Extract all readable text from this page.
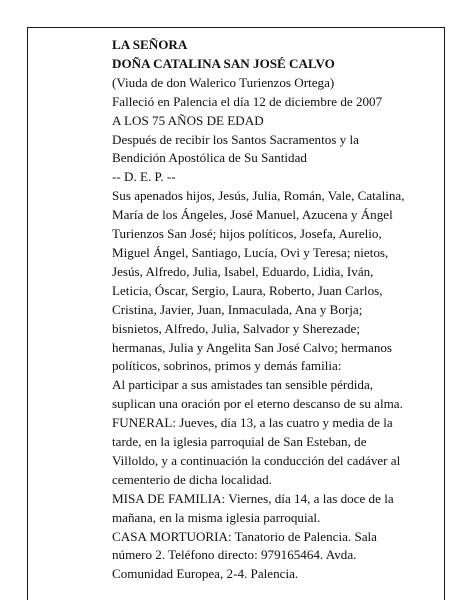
LA SEÑORA
DOÑA CATALINA SAN JOSÉ CALVO
(Viuda de don Walerico Turienzos Ortega)
Falleció en Palencia el día 12 de diciembre de 2007
A LOS 75 AÑOS DE EDAD
Después de recibir los Santos Sacramentos y la
Bendición Apostólica de Su Santidad
-- D. E. P. --
Sus apenados hijos, Jesús, Julia, Román, Vale, Catalina,
María de los Ángeles, José Manuel, Azucena y Ángel
Turienzos San José; hijos políticos, Josefa, Aurelio,
Miguel Ángel, Santiago, Lucía, Ovi y Teresa; nietos,
Jesús, Alfredo, Julia, Isabel, Eduardo, Lidia, Iván,
Leticia, Óscar, Sergio, Laura, Roberto, Juan Carlos,
Cristina, Javier, Juan, Inmaculada, Ana y Borja;
bisnietos, Alfredo, Julia, Salvador y Sherezade;
hermanas, Julia y Angelita San José Calvo; hermanos
políticos, sobrinos, primos y demás familia:
Al participar a sus amistades tan sensible pérdida,
suplican una oración por el eterno descanso de su alma.
FUNERAL: Jueves, día 13, a las cuatro y media de la
tarde, en la iglesia parroquial de San Esteban, de
Villoldo, y a continuación la conducción del cadáver al
cementerio de dicha localidad.
MISA DE FAMILIA: Viernes, día 14, a las doce de la
mañana, en la misma iglesia parroquial.
CASA MORTUORIA: Tanatorio de Palencia. Sala
número 2. Teléfono directo: 979165464. Avda.
Comunidad Europea, 2-4. Palencia.
